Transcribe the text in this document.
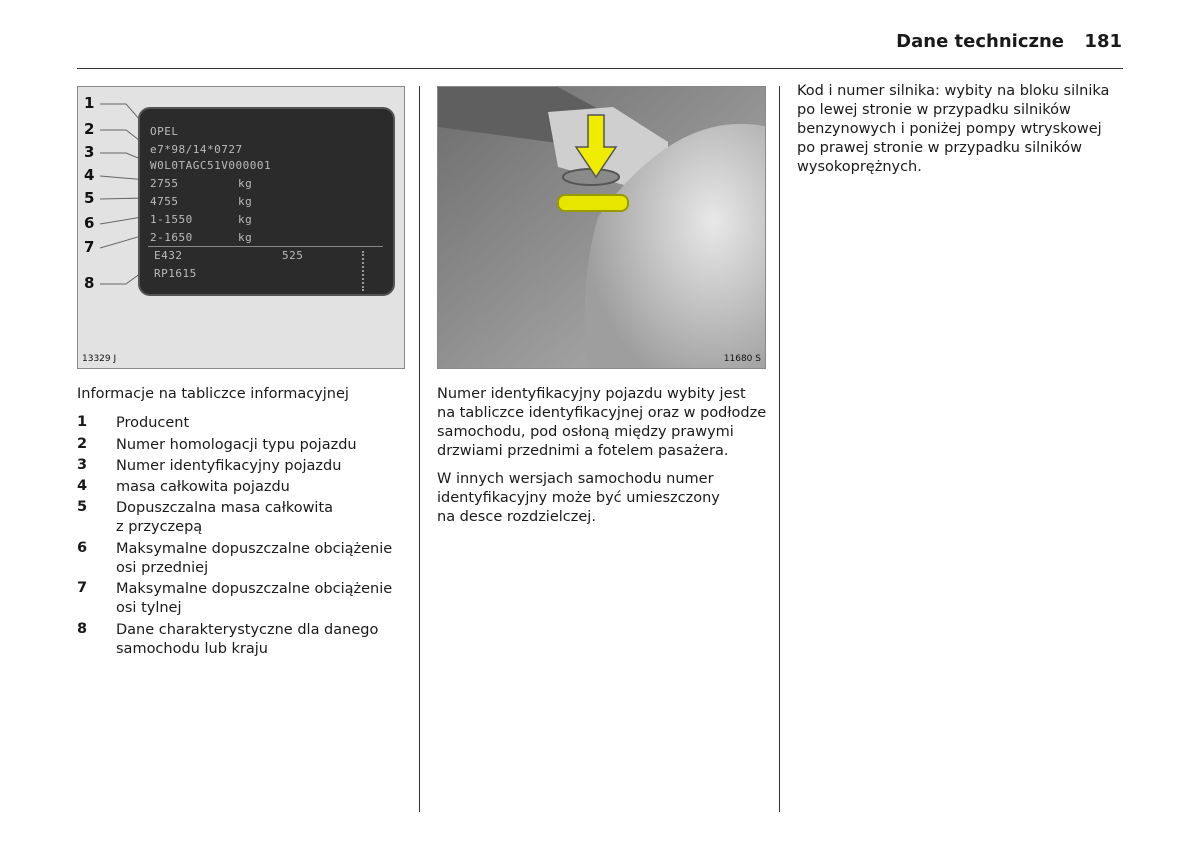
Dane techniczne 181
1
2
3
4
5
6
7
8
OPEL
e7*98/14*0727
W0L0TAGC51V000001
2755	kg
4755	kg
1-1550	kg
2-1650	kg
E432	525
RP1615
13329 J	11680 S
Informacje na tabliczce informacyjnej
1 Producent
2 Numer homologacji typu pojazdu
3 Numer identyfikacyjny pojazdu
4 masa całkowita pojazdu
5 Dopuszczalna masa całkowita
z przyczepą
6 Maksymalne dopuszczalne obciążenie
osi przedniej
7 Maksymalne dopuszczalne obciążenie
osi tylnej
8 Dane charakterystyczne dla danego
samochodu lub kraju
Numer identyfikacyjny pojazdu wybity jest
na tabliczce identyfikacyjnej oraz w podłodze
samochodu, pod osłoną między prawymi
drzwiami przednimi a fotelem pasażera.
W innych wersjach samochodu numer
identyfikacyjny może być umieszczony
na desce rozdzielczej.
Kod i numer silnika: wybity na bloku silnika
po lewej stronie w przypadku silników
benzynowych i poniżej pompy wtryskowej
po prawej stronie w przypadku silników
wysokoprężnych.
